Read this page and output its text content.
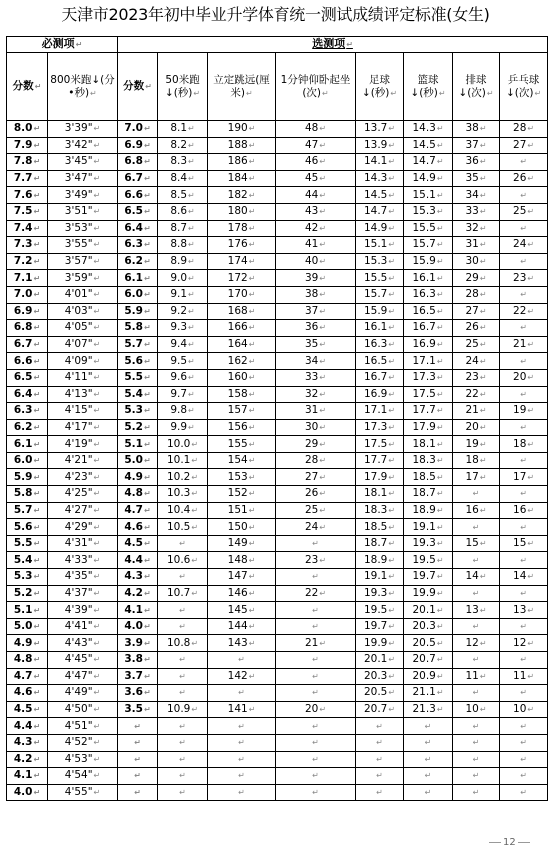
天津市2023年初中毕业升学体育统一测试成绩评定标准(女生)
必测项 ↵		选测项 ↵
分数 ↵	800米跑↓(分•秒) ↵	分数 ↵	50米跑↓(秒) ↵	立定跳远(厘米) ↵	1分钟仰卧起坐(次) ↵	足球↓(秒) ↵	篮球↓(秒) ↵	排球↓(次) ↵	乒乓球↓(次) ↵
8.0 ↵	3'39" ↵	7.0 ↵	8.1 ↵	190 ↵	48 ↵	13.7 ↵	14.3 ↵	38 ↵	28 ↵
7.9 ↵	3'42" ↵	6.9 ↵	8.2 ↵	188 ↵	47 ↵	13.9 ↵	14.5 ↵	37 ↵	27 ↵
7.8 ↵	3'45" ↵	6.8 ↵	8.3 ↵	186 ↵	46 ↵	14.1 ↵	14.7 ↵	36 ↵	
7.7 ↵	3'47" ↵	6.7 ↵	8.4 ↵	184 ↵	45 ↵	14.3 ↵	14.9 ↵	35 ↵	26 ↵
7.6 ↵	3'49" ↵	6.6 ↵	8.5 ↵	182 ↵	44 ↵	14.5 ↵	15.1 ↵	34 ↵	
7.5 ↵	3'51" ↵	6.5 ↵	8.6 ↵	180 ↵	43 ↵	14.7 ↵	15.3 ↵	33 ↵	25 ↵
7.4 ↵	3'53" ↵	6.4 ↵	8.7 ↵	178 ↵	42 ↵	14.9 ↵	15.5 ↵	32 ↵	
7.3 ↵	3'55" ↵	6.3 ↵	8.8 ↵	176 ↵	41 ↵	15.1 ↵	15.7 ↵	31 ↵	24 ↵
7.2 ↵	3'57" ↵	6.2 ↵	8.9 ↵	174 ↵	40 ↵	15.3 ↵	15.9 ↵	30 ↵	
7.1 ↵	3'59" ↵	6.1 ↵	9.0 ↵	172 ↵	39 ↵	15.5 ↵	16.1 ↵	29 ↵	23 ↵
7.0 ↵	4'01" ↵	6.0 ↵	9.1 ↵	170 ↵	38 ↵	15.7 ↵	16.3 ↵	28 ↵	
6.9 ↵	4'03" ↵	5.9 ↵	9.2 ↵	168 ↵	37 ↵	15.9 ↵	16.5 ↵	27 ↵	22 ↵
6.8 ↵	4'05" ↵	5.8 ↵	9.3 ↵	166 ↵	36 ↵	16.1 ↵	16.7 ↵	26 ↵	
6.7 ↵	4'07" ↵	5.7 ↵	9.4 ↵	164 ↵	35 ↵	16.3 ↵	16.9 ↵	25 ↵	21 ↵
6.6 ↵	4'09" ↵	5.6 ↵	9.5 ↵	162 ↵	34 ↵	16.5 ↵	17.1 ↵	24 ↵	
6.5 ↵	4'11" ↵	5.5 ↵	9.6 ↵	160 ↵	33 ↵	16.7 ↵	17.3 ↵	23 ↵	20 ↵
6.4 ↵	4'13" ↵	5.4 ↵	9.7 ↵	158 ↵	32 ↵	16.9 ↵	17.5 ↵	22 ↵	
6.3 ↵	4'15" ↵	5.3 ↵	9.8 ↵	157 ↵	31 ↵	17.1 ↵	17.7 ↵	21 ↵	19 ↵
6.2 ↵	4'17" ↵	5.2 ↵	9.9 ↵	156 ↵	30 ↵	17.3 ↵	17.9 ↵	20 ↵	
6.1 ↵	4'19" ↵	5.1 ↵	10.0 ↵	155 ↵	29 ↵	17.5 ↵	18.1 ↵	19 ↵	18 ↵
6.0 ↵	4'21" ↵	5.0 ↵	10.1 ↵	154 ↵	28 ↵	17.7 ↵	18.3 ↵	18 ↵	
5.9 ↵	4'23" ↵	4.9 ↵	10.2 ↵	153 ↵	27 ↵	17.9 ↵	18.5 ↵	17 ↵	17 ↵
5.8 ↵	4'25" ↵	4.8 ↵	10.3 ↵	152 ↵	26 ↵	18.1 ↵	18.7 ↵		
5.7 ↵	4'27" ↵	4.7 ↵	10.4 ↵	151 ↵	25 ↵	18.3 ↵	18.9 ↵	16 ↵	16 ↵
5.6 ↵	4'29" ↵	4.6 ↵	10.5 ↵	150 ↵	24 ↵	18.5 ↵	19.1 ↵		
5.5 ↵	4'31" ↵	4.5 ↵		149 ↵		18.7 ↵	19.3 ↵	15 ↵	15 ↵
5.4 ↵	4'33" ↵	4.4 ↵	10.6 ↵	148 ↵	23 ↵	18.9 ↵	19.5 ↵		
5.3 ↵	4'35" ↵	4.3 ↵		147 ↵		19.1 ↵	19.7 ↵	14 ↵	14 ↵
5.2 ↵	4'37" ↵	4.2 ↵	10.7 ↵	146 ↵	22 ↵	19.3 ↵	19.9 ↵		
5.1 ↵	4'39" ↵	4.1 ↵		145 ↵		19.5 ↵	20.1 ↵	13 ↵	13 ↵
5.0 ↵	4'41" ↵	4.0 ↵		144 ↵		19.7 ↵	20.3 ↵		
4.9 ↵	4'43" ↵	3.9 ↵	10.8 ↵	143 ↵	21 ↵	19.9 ↵	20.5 ↵	12 ↵	12 ↵
4.8 ↵	4'45" ↵	3.8 ↵				20.1 ↵	20.7 ↵		
4.7 ↵	4'47" ↵	3.7 ↵		142 ↵		20.3 ↵	20.9 ↵	11 ↵	11 ↵
4.6 ↵	4'49" ↵	3.6 ↵				20.5 ↵	21.1 ↵		
4.5 ↵	4'50" ↵	3.5 ↵	10.9 ↵	141 ↵	20 ↵	20.7 ↵	21.3 ↵	10 ↵	10 ↵
4.4 ↵	4'51" ↵								
4.3 ↵	4'52" ↵								
4.2 ↵	4'53" ↵								
4.1 ↵	4'54" ↵								
4.0 ↵	4'55" ↵								
12
